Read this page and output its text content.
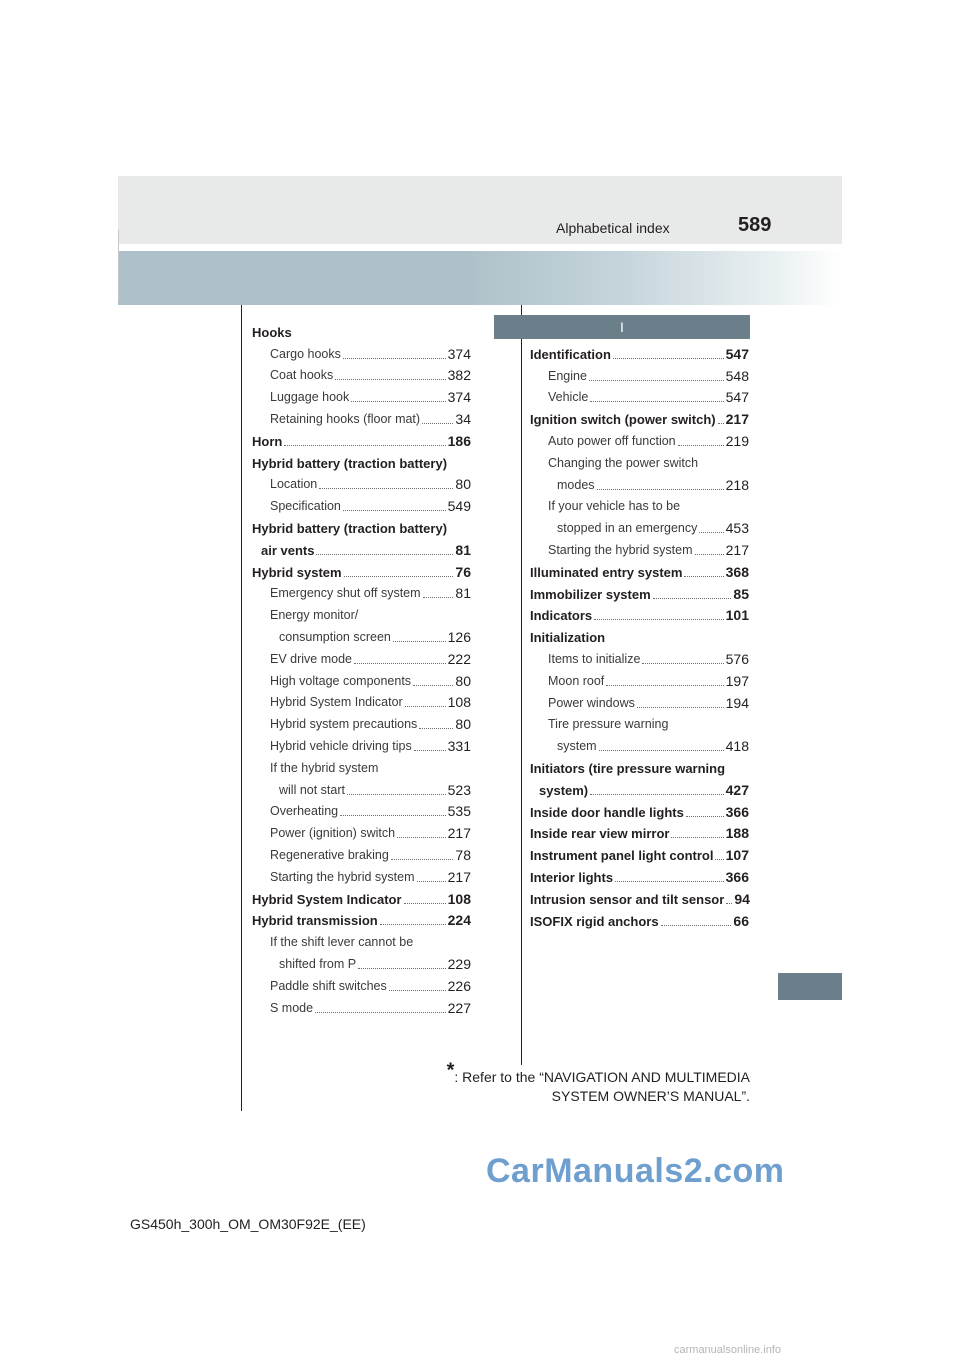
Alphabetical index	589
I
Hooks
Cargo hooks	374
Coat hooks	382
Luggage hook	374
Retaining hooks (floor mat)	34
Horn	186
Hybrid battery (traction battery)
Location	80
Specification	549
Hybrid battery (traction battery)
air vents	81
Hybrid system	76
Emergency shut off system 81
Energy monitor/
consumption screen	126
EV drive mode	222
High voltage components	80
Hybrid System Indicator	108
Hybrid system precautions	80
Hybrid vehicle driving tips	331
If the hybrid system
will not start	523
Overheating	535
Power (ignition) switch	217
Regenerative braking	78
Starting the hybrid system 217
Hybrid System Indicator	108
Hybrid transmission	224
If the shift lever cannot be
shifted from P	229
Paddle shift switches	226
S mode	227
Identification	547
Engine	548
Vehicle	547
Ignition switch (power switch) 217
Auto power off function	219
Changing the power switch
modes	218
If your vehicle has to be
stopped in an emergency 453
Starting the hybrid system 217
Illuminated entry system	368
Immobilizer system	85
Indicators	101
Initialization
Items to initialize	576
Moon roof	197
Power windows	194
Tire pressure warning
system	418
Initiators (tire pressure warning
system)	427
Inside door handle lights	366
Inside rear view mirror	188
Instrument panel light control 107
Interior lights	366
Intrusion sensor and tilt sensor 94
ISOFIX rigid anchors	66
*: Refer to the “NAVIGATION AND MULTIMEDIA
SYSTEM OWNER’S MANUAL”.
GS450h_300h_OM_OM30F92E_(EE)
CarManuals2.com
carmanualsonline.info
